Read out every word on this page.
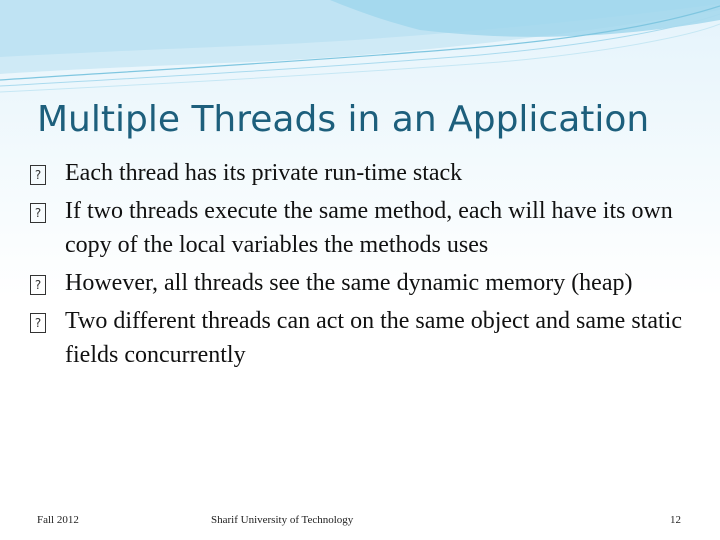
Multiple Threads in an Application
? Each thread has its private run-time stack
? If two threads execute the same method, each will have its own copy of the local variables the methods uses
? However, all threads see the same dynamic memory (heap)
? Two different threads can act on the same object and same static fields concurrently
Fall 2012	Sharif University of Technology	12
